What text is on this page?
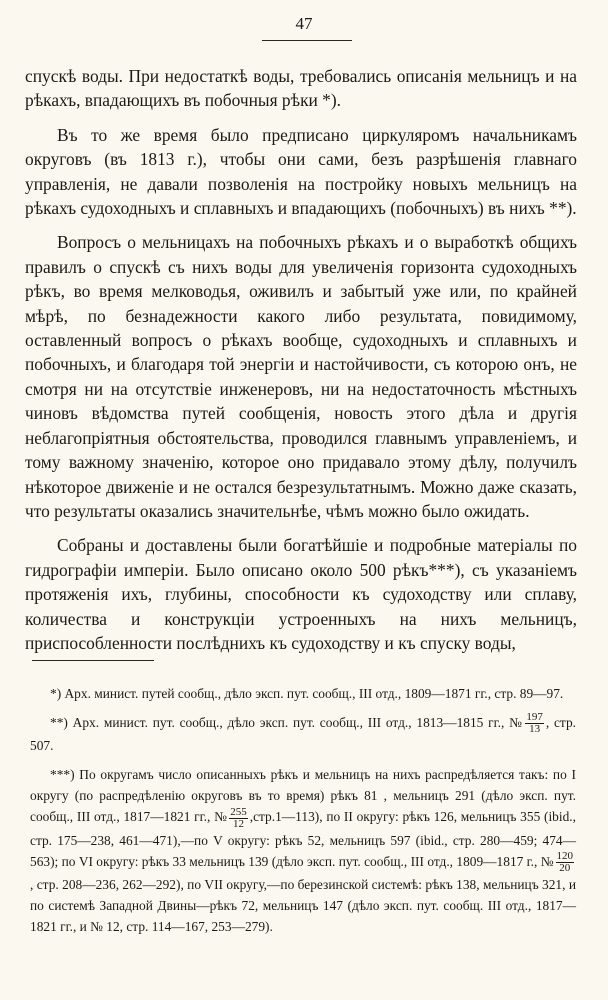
47

спускѣ воды. При недостаткѣ воды, требовались описанія мельницъ и на рѣкахъ, впадающихъ въ побочныя рѣки *).

Въ то же время было предписано циркуляромъ начальникамъ округовъ (въ 1813 г.), чтобы они сами, безъ разрѣшенія главнаго управленія, не давали позволенія на постройку новыхъ мельницъ на рѣкахъ судоходныхъ и сплавныхъ и впадающихъ (побочныхъ) въ нихъ **).

Вопросъ о мельницахъ на побочныхъ рѣкахъ и о выработкѣ общихъ правилъ о спускѣ съ нихъ воды для увеличенія горизонта судоходныхъ рѣкъ, во время мелководья, оживилъ и забытый уже или, по крайней мѣрѣ, по безнадежности какого либо результата, повидимому, оставленный вопросъ о рѣкахъ вообще, судоходныхъ и сплавныхъ и побочныхъ, и благодаря той энергіи и настойчивости, съ которою онъ, не смотря ни на отсутствіе инженеровъ, ни на недостаточность мѣстныхъ чиновъ вѣдомства путей сообщенія, новость этого дѣла и другія неблагопріятныя обстоятельства, проводился главнымъ управленіемъ, и тому важному значенію, которое оно придавало этому дѣлу, получилъ нѣкоторое движеніе и не остался безрезультатнымъ. Можно даже сказать, что результаты оказались значительнѣе, чѣмъ можно было ожидать.

Собраны и доставлены были богатѣйшіе и подробные матеріалы по гидрографіи имперіи. Было описано около 500 рѣкъ***), съ указаніемъ протяженія ихъ, глубины, способности къ судоходству или сплаву, количества и конструкціи устроенныхъ на нихъ мельницъ, приспособленности послѣднихъ къ судоходству и къ спуску воды,

*) Арх. минист. путей сообщ., дѣло эксп. пут. сообщ., III отд., 1809—1871 гг., стр. 89—97.

**) Арх. минист. пут. сообщ., дѣло эксп. пут. сообщ., III отд., 1813—1815 гг., № $\frac{197}{13}$ , стр. 507.

***) По округамъ число описанныхъ рѣкъ и мельницъ на нихъ распредѣляется такъ: по I округу (по распредѣленію округовъ въ то время) рѣкъ 81 , мельницъ 291 (дѣло эксп. пут. сообщ., III отд., 1817—1821 гг., № $\frac{255}{12}$ ,стр.1—113), по II округу: рѣкъ 126, мельницъ 355 (ibid., стр. 175—238, 461—471),—по V округу: рѣкъ 52, мельницъ 597 (ibid., стр. 280—459; 474—563); по VI округу: рѣкъ 33 мельницъ 139 (дѣло эксп. пут. сообщ., III отд., 1809—1817 г., № $\frac{120}{20}$
, стр. 208—236, 262—292), по VII округу,—по березинской системѣ: рѣкъ 138, мельницъ 321, и по системѣ Западной Двины—рѣкъ 72, мельницъ 147 (дѣло эксп. пут. сообщ. III отд., 1817—1821 гг., и № 12, стр. 114—167, 253—279).
